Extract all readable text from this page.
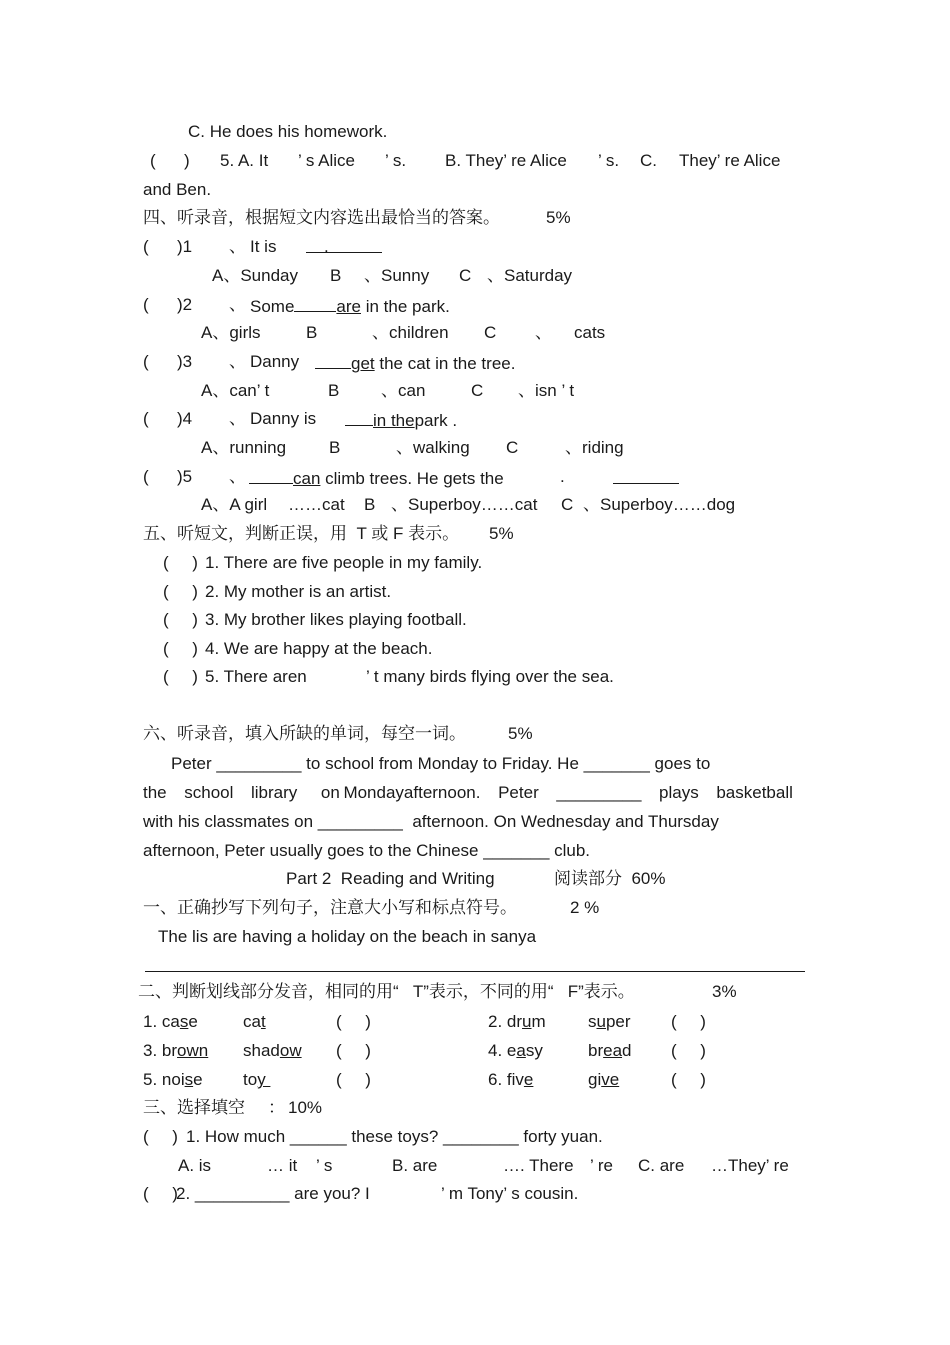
C. He does his homework.
(      ) 5. A. It ’ s Alice ’ s. B. They’ re Alice ’ s. C. They’ re Alice
and Ben.
四、听录音，根据短文内容选出最恰当的答案。	5%
(      )1 、 It is	.
A、Sunday B 、Sunny C 、Saturday
(      )2 、 Some are in the park.
A、girls	B	、children C 、 cats
(      )3 、 Danny	get the cat in the tree.
A、can’ t	B 、can	C 、isn ’ t
(      )4 、 Danny is	in thepark .
A、running	B	、walking C	、riding
(      )5 、	can climb trees. He gets the	.
A、A girl ……cat B 、Superboy……cat C 、Superboy……dog
五、听短文，判断正误，用 T 或 F 表示。 5%
(     ) 1. There are five people in my family.
(     ) 2. My mother is an artist.
(     ) 3. My brother likes playing football.
(     ) 4. We are happy at the beach.
(     ) 5. There aren	’ t many birds flying over the sea.
六、听录音，填入所缺的单词，每空一词。 5%
Peter _________ to school from Monday to Friday. He _______ goes to
the school library on Mondayafternoon. Peter _________ plays basketball
with his classmates on _________  afternoon. On Wednesday and Thursday
afternoon, Peter usually goes to the Chinese _______ club.
Part 2  Reading and Writing	阅读部分 60%
一、正确抄写下列句子，注意大小写和标点符号。	2 %
The lis are having a holiday on the beach in sanya
二、判断划线部分发音，相同的用“ T”表示，不同的用“ F”表示。	3%
1. case	cat	(     )	2. drum super (     )
3. brown shadow (     )	4. easy	bread (     )
5. noise toy	(     )	6. five	give	(     )
三、选择填空 ： 10%
(     ) 1. How much ______ these toys? ________ forty yuan.
A. is	… it ’ s	B. are	…. There ’ re C. are …They’ re
(     )
2. __________ are you? I	’ m Tony’ s cousin.
